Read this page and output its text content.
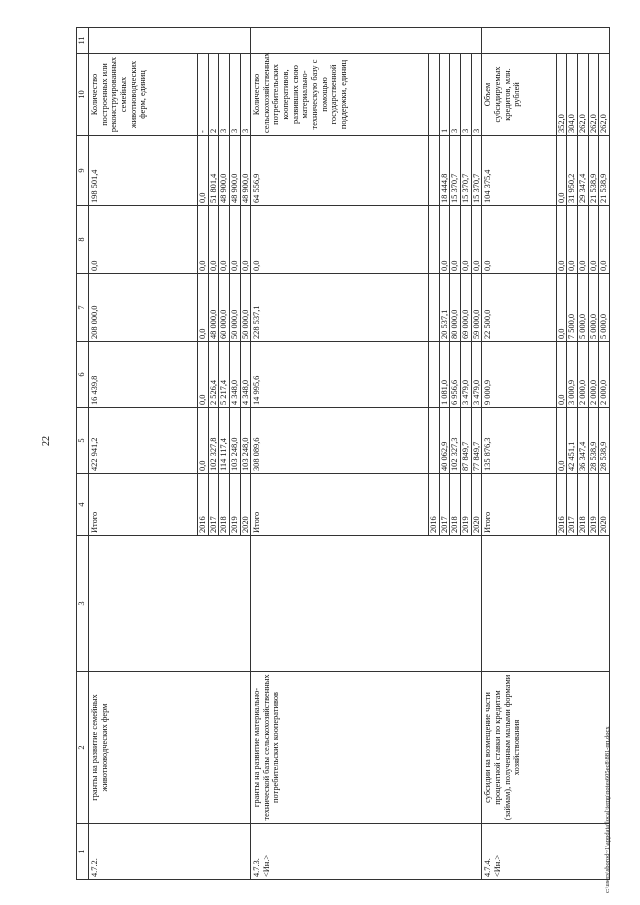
22
1	2	3	4	5	6	7	8	9	10	11
4.7.2.	гранты на развитие семейных животноводческих ферм		Итого	422 941,2	16 439,8	208 000,0	0,0	198 501,4	Количество построенных или реконструированных семейных животноводческих ферм, единиц	
			2016	0,0	0,0	0,0	0,0	0,0	-	
			2017	102 327,8	2 526,4	48 000,0	0,0	51 801,4	2	
			2018	114 117,4	5 217,4	60 000,0	0,0	48 900,0	3	
			2019	103 248,0	4 348,0	50 000,0	0,0	48 900,0	3	
			2020	103 248,0	4 348,0	50 000,0	0,0	48 900,0	3	
4.7.3.
<Ин.>	гранты на развитие материально-технической базы сельскохозяйственных потребительских кооперативов		Итого	308 089,6	14 995,6	228 537,1	0,0	64 556,9	Количество сельскохозяйственных потребительских кооперативов, развивших свою материально-техническую базу с помощью государственной поддержки, единиц	
			2016							
			2017	40 062,9	1 081,0	20 537,1	0,0	18 444,8	1	
			2018	102 327,3	6 956,6	80 000,0	0,0	15 370,7	3	
			2019	87 849,7	3 479,0	69 000,0	0,0	15 370,7	3	
			2020	77 849,7	3 479,0	59 000,0	0,0	15 370,7	3	
4.7.4.
<Ин.>	субсидии на возмещение части процентной ставки по кредитам (займам), полученным малыми формами хозяйствования		Итого	135 876,3	9 000,9	22 500,0	0,0	104 375,4	Объем субсидируемых кредитов, млн. рублей	
			2016	0,0	0,0	0,0	0,0	0,0	352,0	
			2017	42 451,1	3 000,9	7 500,0	0,0	31 950,2	304,0	
			2018	36 347,4	2 000,0	5 000,0	0,0	29 347,4	262,0	
			2019	28 538,9	2 000,0	5 000,0	0,0	21 538,9	262,0	
			2020	28 538,9	2 000,0	5 000,0	0,0	21 538,9	262,0	
c:\users\sborod~1\appdata\local\temp\notes605ec8\881-пп.docx
